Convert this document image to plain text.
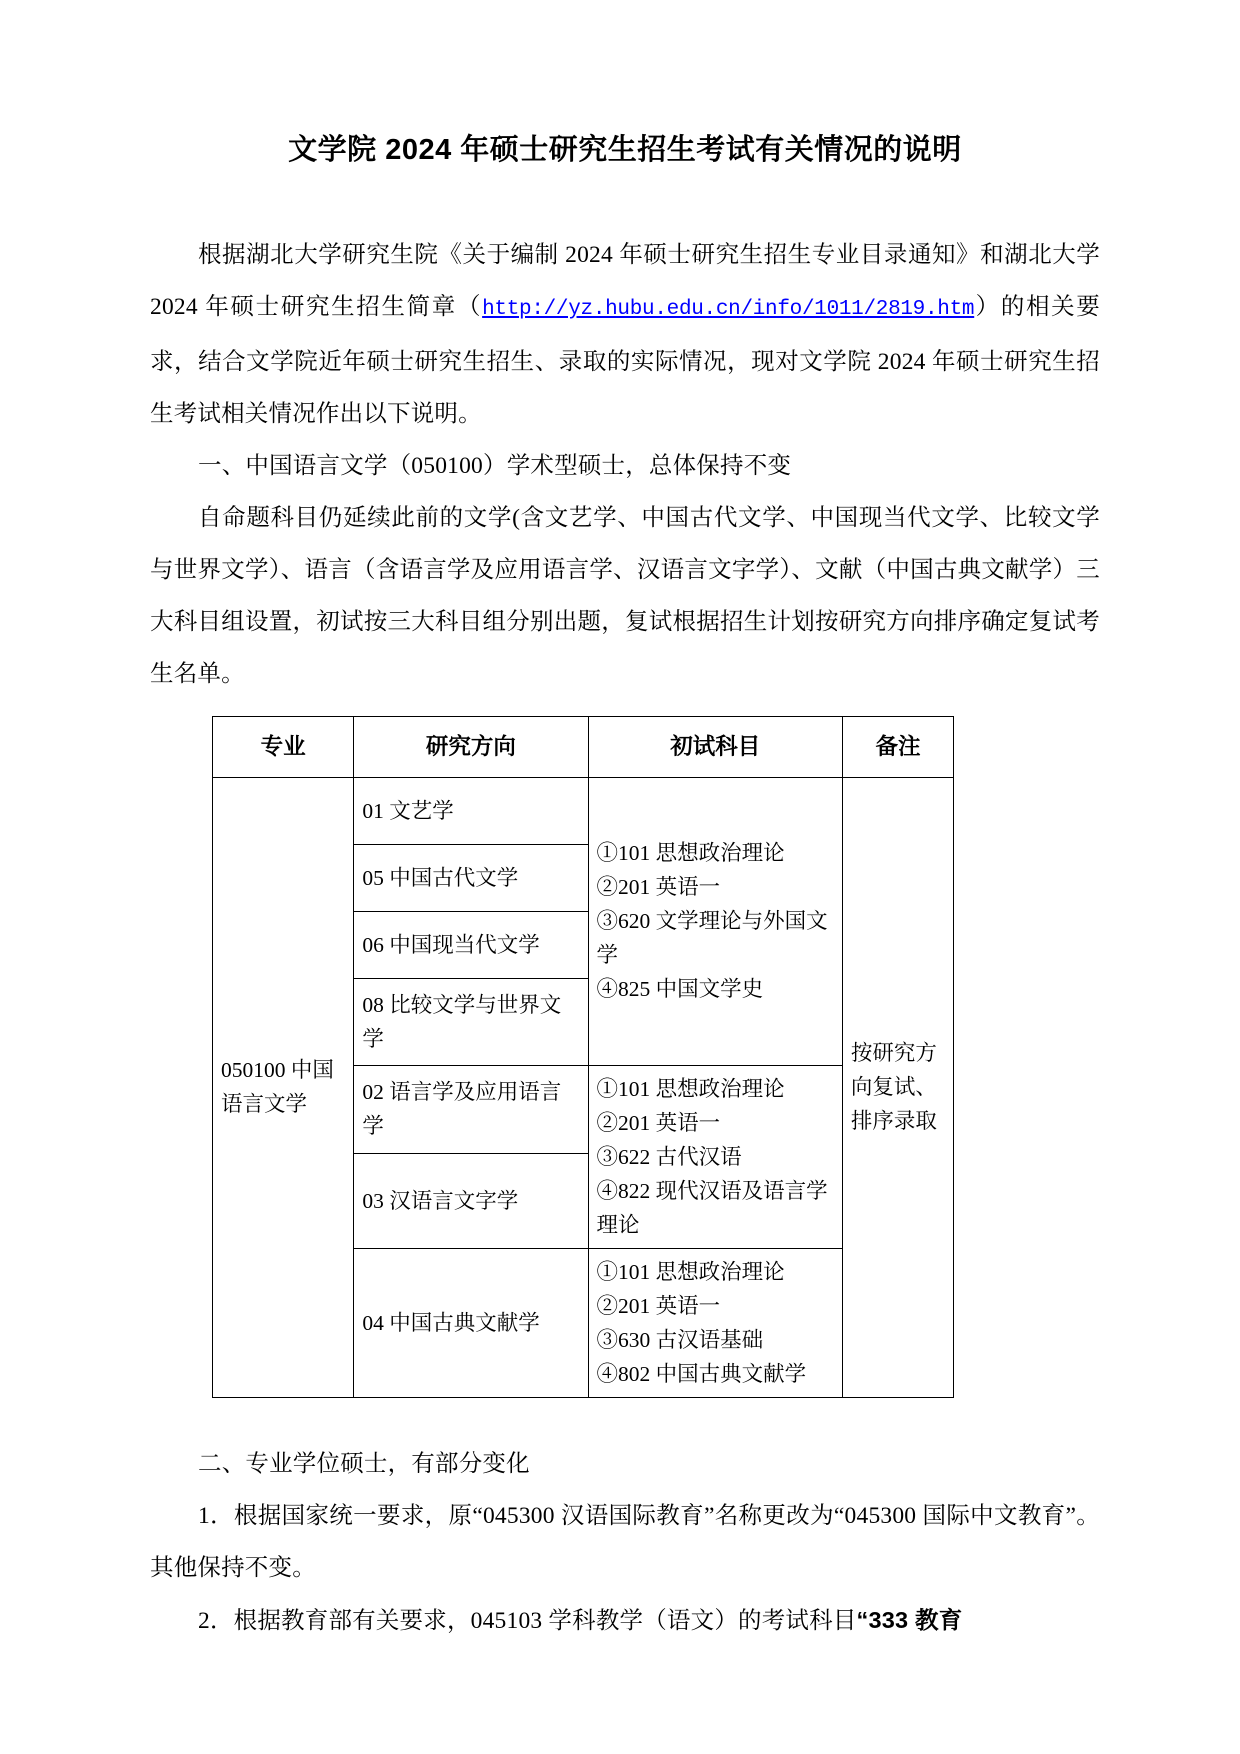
文学院 2024 年硕士研究生招生考试有关情况的说明

根据湖北大学研究生院《关于编制 2024 年硕士研究生招生专业目录通知》和湖北大学 2024 年硕士研究生招生简章（http://yz.hubu.edu.cn/info/1011/2819.htm）的相关要求，结合文学院近年硕士研究生招生、录取的实际情况，现对文学院 2024 年硕士研究生招生考试相关情况作出以下说明。

一、中国语言文学（050100）学术型硕士，总体保持不变

自命题科目仍延续此前的文学(含文艺学、中国古代文学、中国现当代文学、比较文学与世界文学）、语言（含语言学及应用语言学、汉语言文字学）、文献（中国古典文献学）三大科目组设置，初试按三大科目组分别出题，复试根据招生计划按研究方向排序确定复试考生名单。

专业	研究方向	初试科目	备注
050100 中国语言文学	01 文艺学	①101 思想政治理论
②201 英语一
③620 文学理论与外国文学
④825 中国文学史	按研究方向复试、排序录取
	05 中国古代文学		
	06 中国现当代文学		
	08 比较文学与世界文学		
	02 语言学及应用语言学	①101 思想政治理论
②201 英语一
③622 古代汉语
④822 现代汉语及语言学理论	

	03 汉语言文字学		
	04 中国古典文献学	①101 思想政治理论
②201 英语一
③630 古汉语基础
④802 中国古典文献学	

二、专业学位硕士，有部分变化

1．根据国家统一要求，原“045300 汉语国际教育”名称更改为“045300 国际中文教育”。其他保持不变。

2．根据教育部有关要求，045103 学科教学（语文）的考试科目“333 教育
